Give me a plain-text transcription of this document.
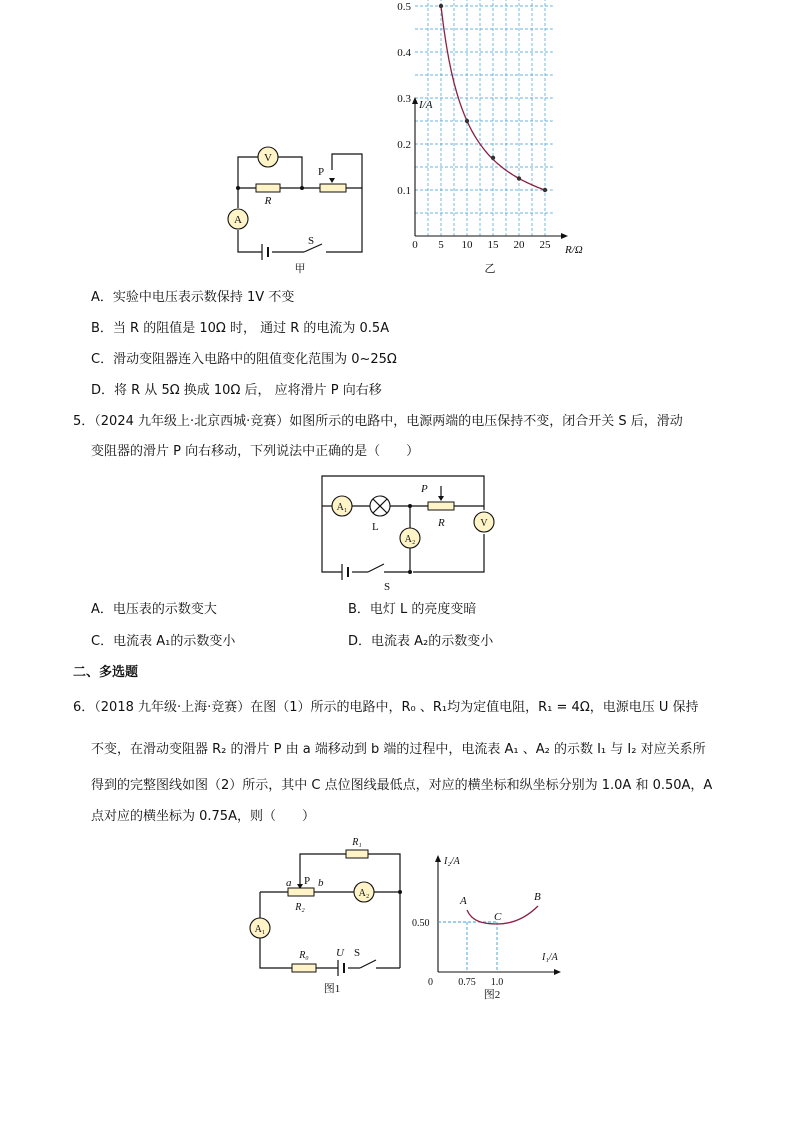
V
A
R
P
S
甲
5 10 15 20 25
0.5
0.4
0.3
0.2
0.1
I/A
R/Ω
0
乙
A．实验中电压表示数保持 1V 不变
B．当 R 的阻值是 10Ω 时， 通过 R 的电流为 0.5A
C．滑动变阻器连入电路中的阻值变化范围为 0~25Ω
D．将 R 从 5Ω 换成 10Ω 后， 应将滑片 P 向右移
5．（2024 九年级上·北京西城·竞赛）如图所示的电路中，电源两端的电压保持不变，闭合开关 S 后，滑动
变阻器的滑片 P 向右移动，下列说法中正确的是（　　）
A₁
L
P
R	V
A₂
S
A．电压表的示数变大	B．电灯 L 的亮度变暗
C．电流表 A₁的示数变小	D．电流表 A₂的示数变小
二、多选题
6．（2018 九年级·上海·竞赛）在图（1）所示的电路中，R₀ 、R₁均为定值电阻，R₁ = 4Ω，电源电压 U 保持
不变，在滑动变阻器 R₂ 的滑片 P 由 a 端移动到 b 端的过程中，电流表 A₁ 、A₂ 的示数 I₁ 与 I₂ 对应关系所
得到的完整图线如图（2）所示，其中 C 点位图线最低点，对应的横坐标和纵坐标分别为 1.0A 和 0.50A，A
点对应的横坐标为 0.75A，则（　　）
R₁
a P b
R₂
A₂
A₁
R₀ U S
图1
I₂/A
I₁/A
A	B
C
0.50
0	0.75 1.0
图2
